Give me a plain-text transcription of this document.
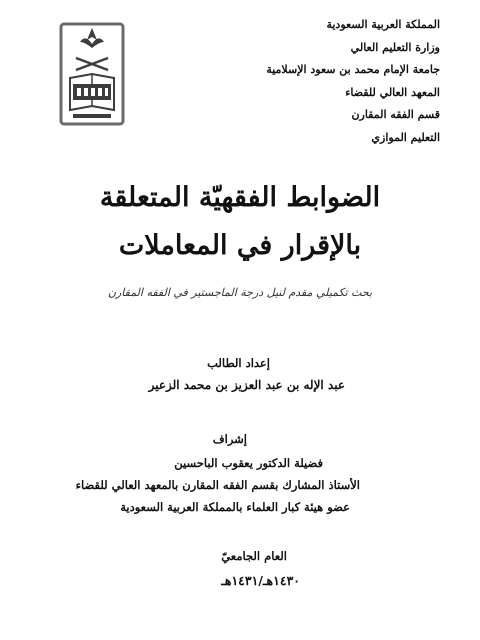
المملكة العربية السعودية
وزارة التعليم العالي
جامعة الإمام محمد بن سعود الإسلامية
المعهد العالي للقضاء
قسم الفقه المقارن
التعليم الموازي
الضوابط الفقهيّة المتعلقة
بالإقرار في المعاملات
بحث تكميلي مقدم لنيل درجة الماجستير في الفقه المقارن
إعداد الطالب
عبد الإله بن عبد العزيز بن محمد الزعير
إشراف
فضيلة الدكتور يعقوب الباحسين
الأستاذ المشارك بقسم الفقه المقارن بالمعهد العالي للقضاء
عضو هيئة كبار العلماء بالمملكة العربية السعودية
العام الجامعيّ
١٤٣٠هـ/١٤٣١هـ
